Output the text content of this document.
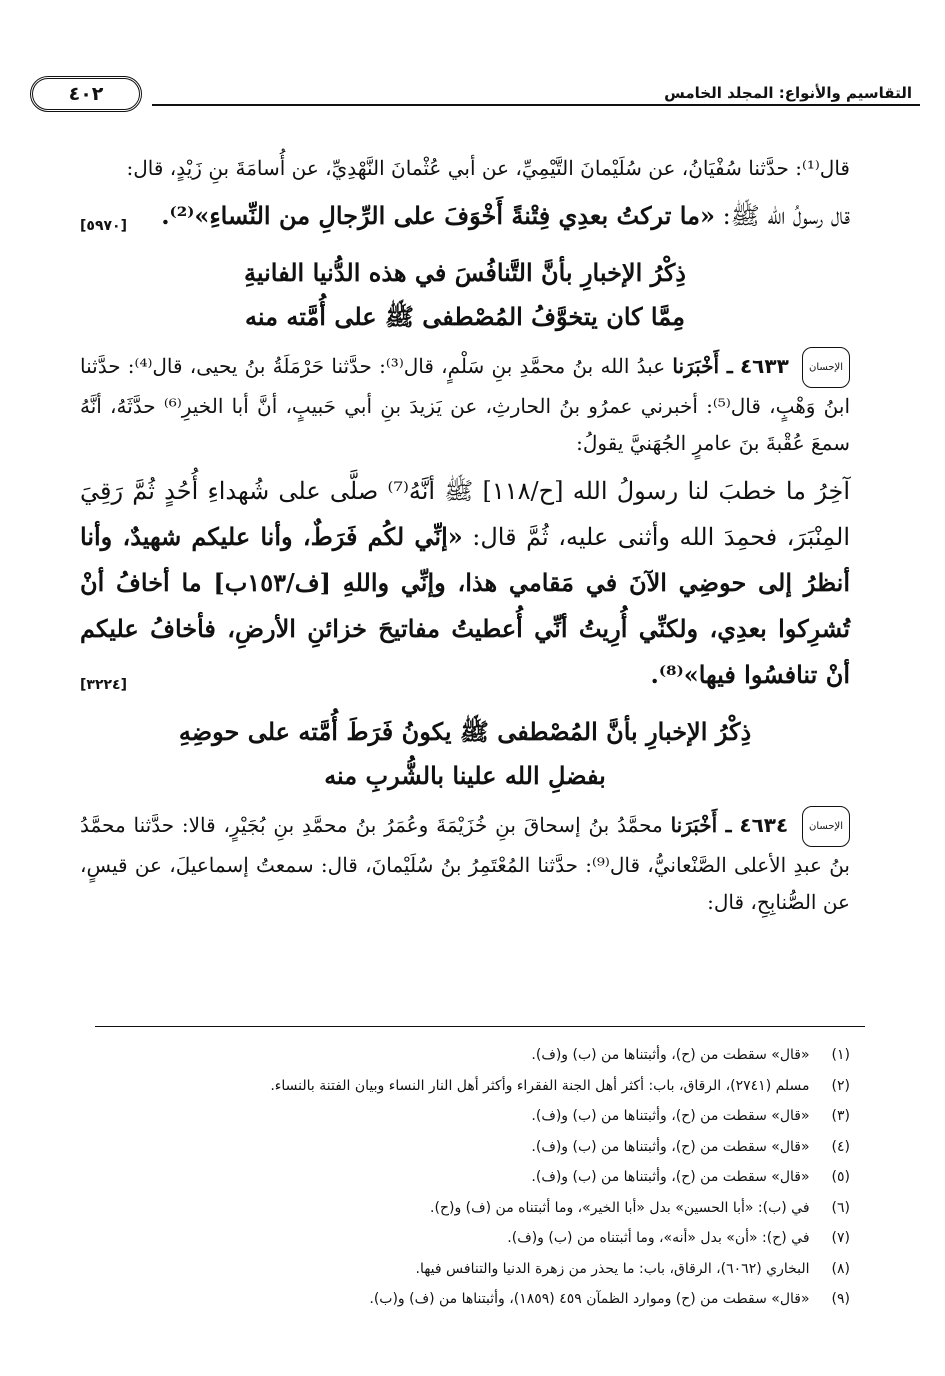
التقاسيم والأنواع: المجلد الخامس
٤٠٢

قال⁽¹⁾: حدَّثنا سُفْيَانُ، عن سُلَيْمانَ التَّيْمِيِّ، عن أبي عُثْمانَ النَّهْدِيِّ، عن أُسامَةَ بنِ زَيْدٍ، قال:

قال رسولُ الله ﷺ: «ما تركتُ بعدِي فِتْنةً أَخْوَفَ على الرِّجالِ من النِّساءِ»⁽²⁾.
[٥٩٧٠]

ذِكْرُ الإخبارِ بأنَّ التَّنافُسَ في هذه الدُّنيا الفانيةِ
مِمَّا كان يتخوَّفُ المُصْطفى ﷺ على أُمَّته منه

الإحسان ٤٦٣٣ ـ أَخْبَرَنا عبدُ الله بنُ محمَّدِ بنِ سَلْمٍ، قال⁽³⁾: حدَّثنا حَرْمَلَةُ بنُ يحيى، قال⁽⁴⁾: حدَّثنا ابنُ وَهْبٍ، قال⁽⁵⁾: أخبرني عمرُو بنُ الحارثِ، عن يَزيدَ بنِ أبي حَبيبٍ، أنَّ أبا الخيرِ⁽⁶⁾ حدَّثَهُ، أنَّهُ سمعَ عُقْبةَ بنَ عامرٍ الجُهَنيَّ يقولُ:

آخِرُ ما خطبَ لنا رسولُ الله [ح/١١٨] ﷺ أنَّهُ⁽⁷⁾ صلَّى على شُهداءِ أُحُدٍ ثُمَّ رَقِيَ المِنْبَرَ، فحمِدَ الله وأثنى عليه، ثُمَّ قال: «إنِّي لكُم فَرَطٌ، وأنا عليكم شهيدٌ، وأنا أنظرُ إلى حوضِي الآنَ في مَقامي هذا، وإنِّي واللهِ [ف/١٥٣ب] ما أخافُ أنْ تُشرِكوا بعدِي، ولكنِّي أُرِيتُ أنِّي أُعطيتُ مفاتيحَ خزائنِ الأرضِ، فأخافُ عليكم أنْ تنافسُوا فيها»⁽⁸⁾.
[٣٢٢٤]

ذِكْرُ الإخبارِ بأنَّ المُصْطفى ﷺ يكونُ فَرَطَ أُمَّته على حوضِهِ
بفضلِ الله علينا بالشُّربِ منه

الإحسان ٤٦٣٤ ـ أَخْبَرَنا محمَّدُ بنُ إسحاقَ بنِ خُزَيْمَةَ وعُمَرُ بنُ محمَّدِ بنِ بُجَيْرٍ، قالا: حدَّثنا محمَّدُ بنُ عبدِ الأعلى الصَّنْعانيُّ، قال⁽⁹⁾: حدَّثنا المُعْتَمِرُ بنُ سُلَيْمانَ، قال: سمعتُ إسماعيلَ، عن قيسٍ، عن الصُّنابِحِ، قال:

(١) «قال» سقطت من (ح)، وأثبتناها من (ب) و(ف).
(٢) مسلم (٢٧٤١)، الرقاق، باب: أكثر أهل الجنة الفقراء وأكثر أهل النار النساء وبيان الفتنة بالنساء.
(٣) «قال» سقطت من (ح)، وأثبتناها من (ب) و(ف).
(٤) «قال» سقطت من (ح)، وأثبتناها من (ب) و(ف).
(٥) «قال» سقطت من (ح)، وأثبتناها من (ب) و(ف).
(٦) في (ب): «أبا الحسين» بدل «أبا الخير»، وما أثبتناه من (ف) و(ح).
(٧) في (ح): «أن» بدل «أنه»، وما أثبتناه من (ب) و(ف).
(٨) البخاري (٦٠٦٢)، الرقاق، باب: ما يحذر من زهرة الدنيا والتنافس فيها.
(٩) «قال» سقطت من (ح) وموارد الظمآن ٤٥٩ (١٨٥٩)، وأثبتناها من (ف) و(ب).
